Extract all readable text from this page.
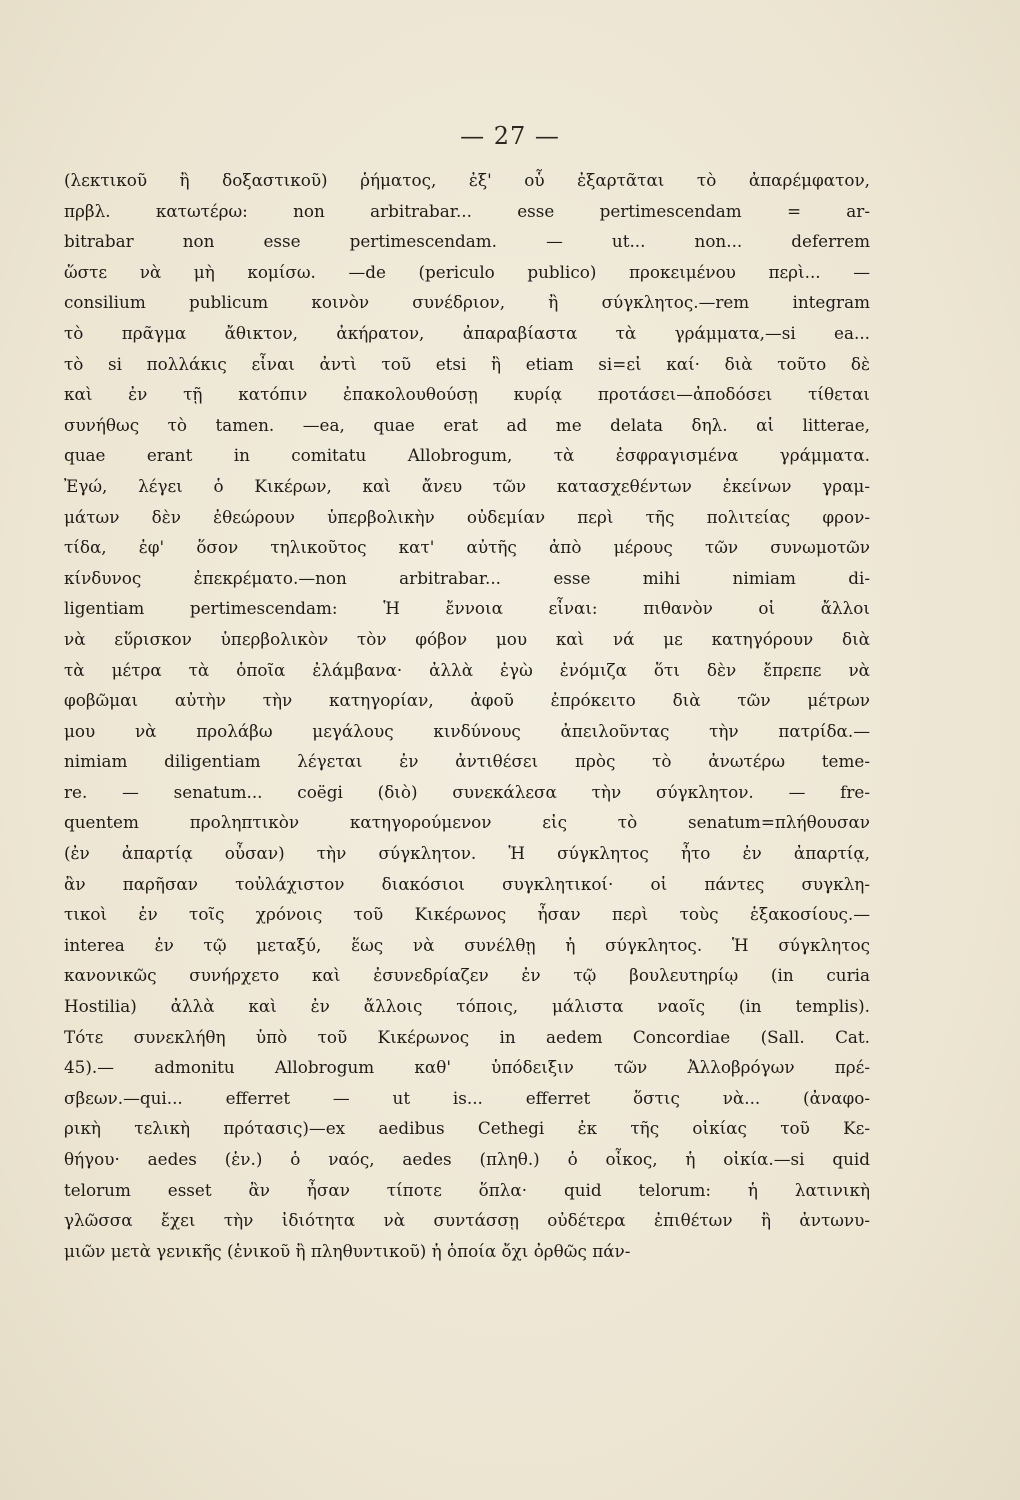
— 27 —
(λεκτικοῦ ἢ δοξαστικοῦ) ῥήματος, ἐξ' οὗ ἐξαρτᾶται τὸ ἀπαρέμφατον,
πρβλ. κατωτέρω: non arbitrabar... esse pertimescendam = ar-
bitrabar non esse pertimescendam. — ut... non... deferrem
ὥστε νὰ μὴ κομίσω. —de (periculo publico) προκειμένου περὶ... —
consilium publicum κοινὸν συνέδριον, ἢ σύγκλητος.—rem integram
τὸ πρᾶγμα ἄθικτον, ἀκήρατον, ἀπαραβίαστα τὰ γράμματα,—si ea...
τὸ si πολλάκις εἶναι ἀντὶ τοῦ etsi ἢ etiam si=εἰ καί· διὰ τοῦτο δὲ
καὶ ἐν τῇ κατόπιν ἐπακολουθούσῃ κυρίᾳ προτάσει—ἀποδόσει τίθεται
συνήθως τὸ tamen. —ea, quae erat ad me delata δηλ. αἱ litterae,
quae erant in comitatu Allobrogum, τὰ ἐσφραγισμένα γράμματα.
Ἐγώ, λέγει ὁ Κικέρων, καὶ ἄνευ τῶν κατασχεθέντων ἐκείνων γραμ-
μάτων δὲν ἐθεώρουν ὑπερβολικὴν οὐδεμίαν περὶ τῆς πολιτείας φρον-
τίδα, ἐφ' ὅσον τηλικοῦτος κατ' αὐτῆς ἀπὸ μέρους τῶν συνωμοτῶν
κίνδυνος ἐπεκρέματο.—non arbitrabar... esse mihi nimiam di-
ligentiam pertimescendam: Ἡ ἔννοια εἶναι: πιθανὸν οἱ ἄλλοι
νὰ εὕρισκον ὑπερβολικὸν τὸν φόβον μου καὶ νά με κατηγόρουν διὰ
τὰ μέτρα τὰ ὁποῖα ἐλάμβανα· ἀλλὰ ἐγὼ ἐνόμιζα ὅτι δὲν ἔπρεπε νὰ
φοβῶμαι αὐτὴν τὴν κατηγορίαν, ἀφοῦ ἐπρόκειτο διὰ τῶν μέτρων
μου νὰ προλάβω μεγάλους κινδύνους ἀπειλοῦντας τὴν πατρίδα.—
nimiam diligentiam λέγεται ἐν ἀντιθέσει πρὸς τὸ ἀνωτέρω teme-
re. — senatum... coëgi (διὸ) συνεκάλεσα τὴν σύγκλητον. — fre-
quentem προληπτικὸν κατηγορούμενον εἰς τὸ senatum=πλήθουσαν
(ἐν ἀπαρτίᾳ οὖσαν) τὴν σύγκλητον. Ἡ σύγκλητος ἦτο ἐν ἀπαρτίᾳ,
ἂν παρῆσαν τοὐλάχιστον διακόσιοι συγκλητικοί· οἱ πάντες συγκλη-
τικοὶ ἐν τοῖς χρόνοις τοῦ Κικέρωνος ἦσαν περὶ τοὺς ἑξακοσίους.—
interea ἐν τῷ μεταξύ, ἕως νὰ συνέλθῃ ἡ σύγκλητος. Ἡ σύγκλητος
κανονικῶς συνήρχετο καὶ ἐσυνεδρίαζεν ἐν τῷ βουλευτηρίῳ (in curia
Hostilia) ἀλλὰ καὶ ἐν ἄλλοις τόποις, μάλιστα ναοῖς (in templis).
Τότε συνεκλήθη ὑπὸ τοῦ Κικέρωνος in aedem Concordiae (Sall. Cat.
45).— admonitu Allobrogum καθ' ὑπόδειξιν τῶν Ἀλλοβρόγων πρέ-
σβεων.—qui... efferret — ut is... efferret ὅστις νὰ... (ἀναφο-
ρικὴ τελικὴ πρότασις)—ex aedibus Cethegi ἐκ τῆς οἰκίας τοῦ Κε-
θήγου· aedes (ἑν.) ὁ ναός, aedes (πληθ.) ὁ οἶκος, ἡ οἰκία.—si quid
telorum esset ἂν ἦσαν τίποτε ὅπλα· quid telorum: ἡ λατινικὴ
γλῶσσα ἔχει τὴν ἰδιότητα νὰ συντάσσῃ οὐδέτερα ἐπιθέτων ἢ ἀντωνυ-
μιῶν μετὰ γενικῆς (ἑνικοῦ ἢ πληθυντικοῦ) ἡ ὁποία ὄχι ὀρθῶς πάν-
